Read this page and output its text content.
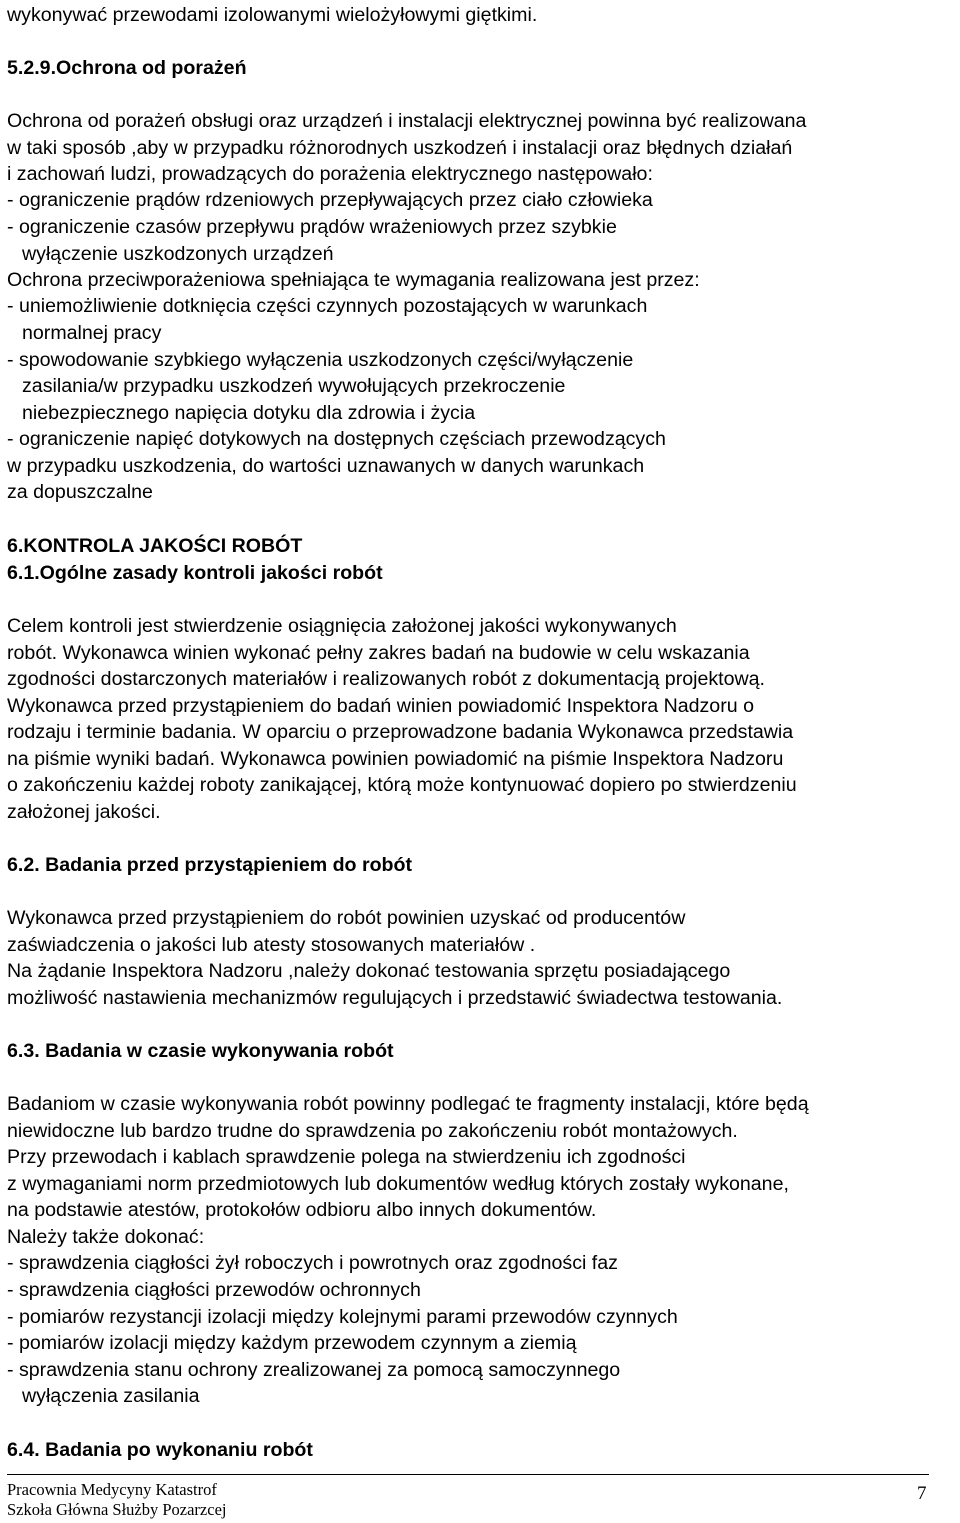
wykonywać przewodami izolowanymi wielożyłowymi giętkimi.
5.2.9.Ochrona od porażeń
Ochrona od porażeń obsługi oraz urządzeń i instalacji elektrycznej powinna być realizowana
w taki sposób ,aby w przypadku różnorodnych uszkodzeń i instalacji oraz błędnych działań
i zachowań ludzi, prowadzących do porażenia elektrycznego następowało:
- ograniczenie prądów rdzeniowych przepływających przez ciało człowieka
- ograniczenie czasów przepływu prądów wrażeniowych przez szybkie
wyłączenie uszkodzonych urządzeń
Ochrona przeciwporażeniowa spełniająca te wymagania realizowana jest przez:
- uniemożliwienie dotknięcia części czynnych pozostających w warunkach
normalnej pracy
- spowodowanie szybkiego wyłączenia uszkodzonych części/wyłączenie
zasilania/w przypadku uszkodzeń wywołujących przekroczenie
niebezpiecznego napięcia dotyku dla zdrowia i życia
- ograniczenie napięć dotykowych na dostępnych częściach przewodzących
w przypadku uszkodzenia, do wartości uznawanych w danych warunkach
za dopuszczalne
6.KONTROLA JAKOŚCI ROBÓT
6.1.Ogólne zasady kontroli jakości robót
Celem kontroli jest stwierdzenie osiągnięcia założonej jakości wykonywanych
robót. Wykonawca winien wykonać pełny zakres badań na budowie w celu wskazania
zgodności dostarczonych materiałów i realizowanych robót z dokumentacją projektową.
Wykonawca przed przystąpieniem do badań winien powiadomić Inspektora Nadzoru o
rodzaju i terminie badania. W oparciu o przeprowadzone badania Wykonawca przedstawia
na piśmie wyniki badań. Wykonawca powinien powiadomić na piśmie Inspektora Nadzoru
o zakończeniu każdej roboty zanikającej, którą może kontynuować dopiero po stwierdzeniu
założonej jakości.
6.2. Badania przed przystąpieniem do robót
Wykonawca przed przystąpieniem do robót powinien uzyskać od producentów
zaświadczenia o jakości lub atesty stosowanych materiałów .
Na żądanie Inspektora Nadzoru ,należy dokonać testowania sprzętu posiadającego
możliwość nastawienia mechanizmów regulujących i przedstawić świadectwa testowania.
6.3. Badania w czasie wykonywania robót
Badaniom w czasie wykonywania robót powinny podlegać te fragmenty instalacji, które będą
niewidoczne lub bardzo trudne do sprawdzenia po zakończeniu robót montażowych.
Przy przewodach i kablach sprawdzenie polega na stwierdzeniu ich zgodności
z wymaganiami norm przedmiotowych lub dokumentów według których zostały wykonane,
na podstawie atestów, protokołów odbioru albo innych dokumentów.
Należy także dokonać:
- sprawdzenia ciągłości żył roboczych i powrotnych oraz zgodności faz
- sprawdzenia ciągłości przewodów ochronnych
- pomiarów rezystancji izolacji między kolejnymi parami przewodów czynnych
- pomiarów izolacji między każdym przewodem czynnym a ziemią
- sprawdzenia stanu ochrony zrealizowanej za pomocą samoczynnego
wyłączenia zasilania
6.4. Badania po wykonaniu robót
Pracownia Medycyny Katastrof
Szkoła Główna Służby Pozarzcej
7
